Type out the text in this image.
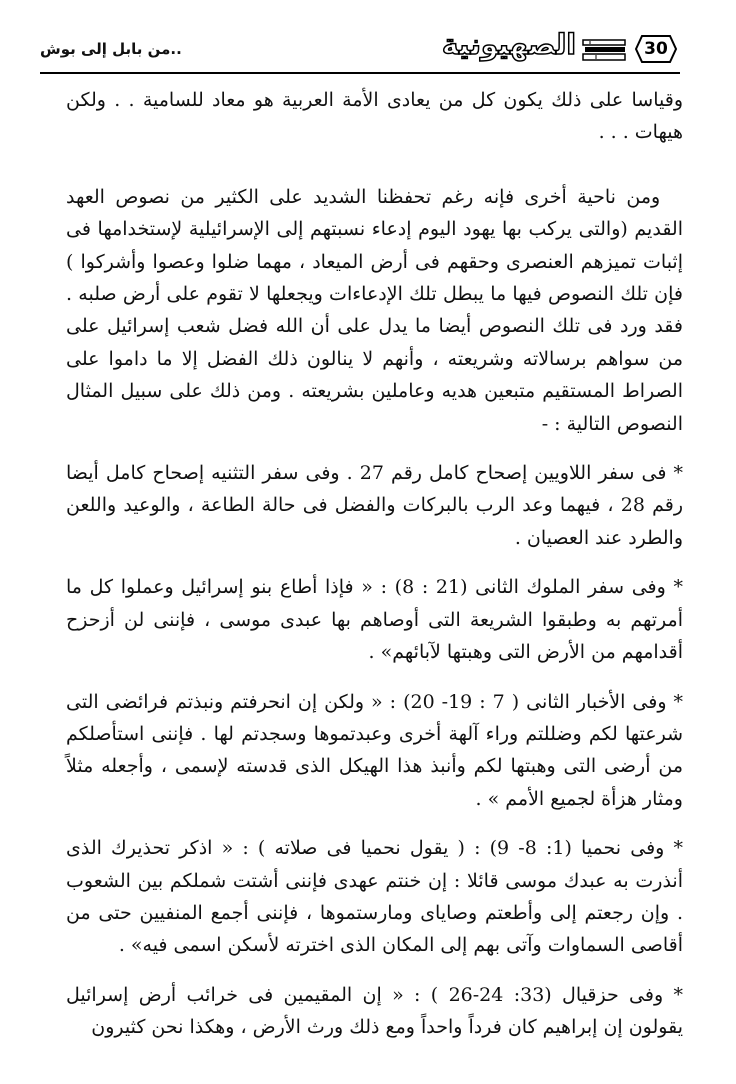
30
الصهيونية
..من بابل إلى بوش

وقياسا على ذلك يكون كل من يعادى الأمة العربية هو معاد للسامية . . ولكن هيهات . . .

ومن ناحية أخرى فإنه رغم تحفظنا الشديد على الكثير من نصوص العهد القديم (والتى يركب بها يهود اليوم إدعاء نسبتهم إلى الإسرائيلية لإستخدامها فى إثبات تميزهم العنصرى وحقهم فى أرض الميعاد ، مهما ضلوا وعصوا وأشركوا ) فإن تلك النصوص فيها ما يبطل تلك الإدعاءات ويجعلها لا تقوم على أرض صلبه . فقد ورد فى تلك النصوص أيضا ما يدل على أن الله فضل شعب إسرائيل على من سواهم برسالاته وشريعته ، وأنهم لا ينالون ذلك الفضل إلا ما داموا على الصراط المستقيم متبعين هديه وعاملين بشريعته . ومن ذلك على سبيل المثال النصوص التالية : -

* فى سفر اللاويين إصحاح كامل رقم 27 . وفى سفر التثنيه إصحاح كامل أيضا رقم 28 ، فيهما وعد الرب بالبركات والفضل فى حالة الطاعة ، والوعيد واللعن والطرد عند العصيان .

* وفى سفر الملوك الثانى (21 : 8) : « فإذا أطاع بنو إسرائيل وعملوا كل ما أمرتهم به وطبقوا الشريعة التى أوصاهم بها عبدى موسى ، فإننى لن أزحزح أقدامهم من الأرض التى وهبتها لآبائهم» .

* وفى الأخبار الثانى ( 7 : 19- 20) : « ولكن إن انحرفتم ونبذتم فرائضى التى شرعتها لكم وضللتم وراء آلهة أخرى وعبدتموها وسجدتم لها . فإننى استأصلكم من أرضى التى وهبتها لكم وأنبذ هذا الهيكل الذى قدسته لإسمى ، وأجعله مثلاً ومثار هزأة لجميع الأمم » .

* وفى نحميا (1: 8- 9) : ( يقول نحميا فى صلاته ) : « اذكر تحذيرك الذى أنذرت به عبدك موسى قائلا : إن خنتم عهدى فإننى أشتت شملكم بين الشعوب . وإن رجعتم إلى وأطعتم وصاياى ومارستموها ، فإننى أجمع المنفيين حتى من أقاصى السماوات وآتى بهم إلى المكان الذى اخترته لأسكن اسمى فيه» .

* وفى حزقيال (33: 24-26 ) : « إن المقيمين فى خرائب أرض إسرائيل يقولون إن إبراهيم كان فرداً واحداً ومع ذلك ورث الأرض ، وهكذا نحن كثيرون
